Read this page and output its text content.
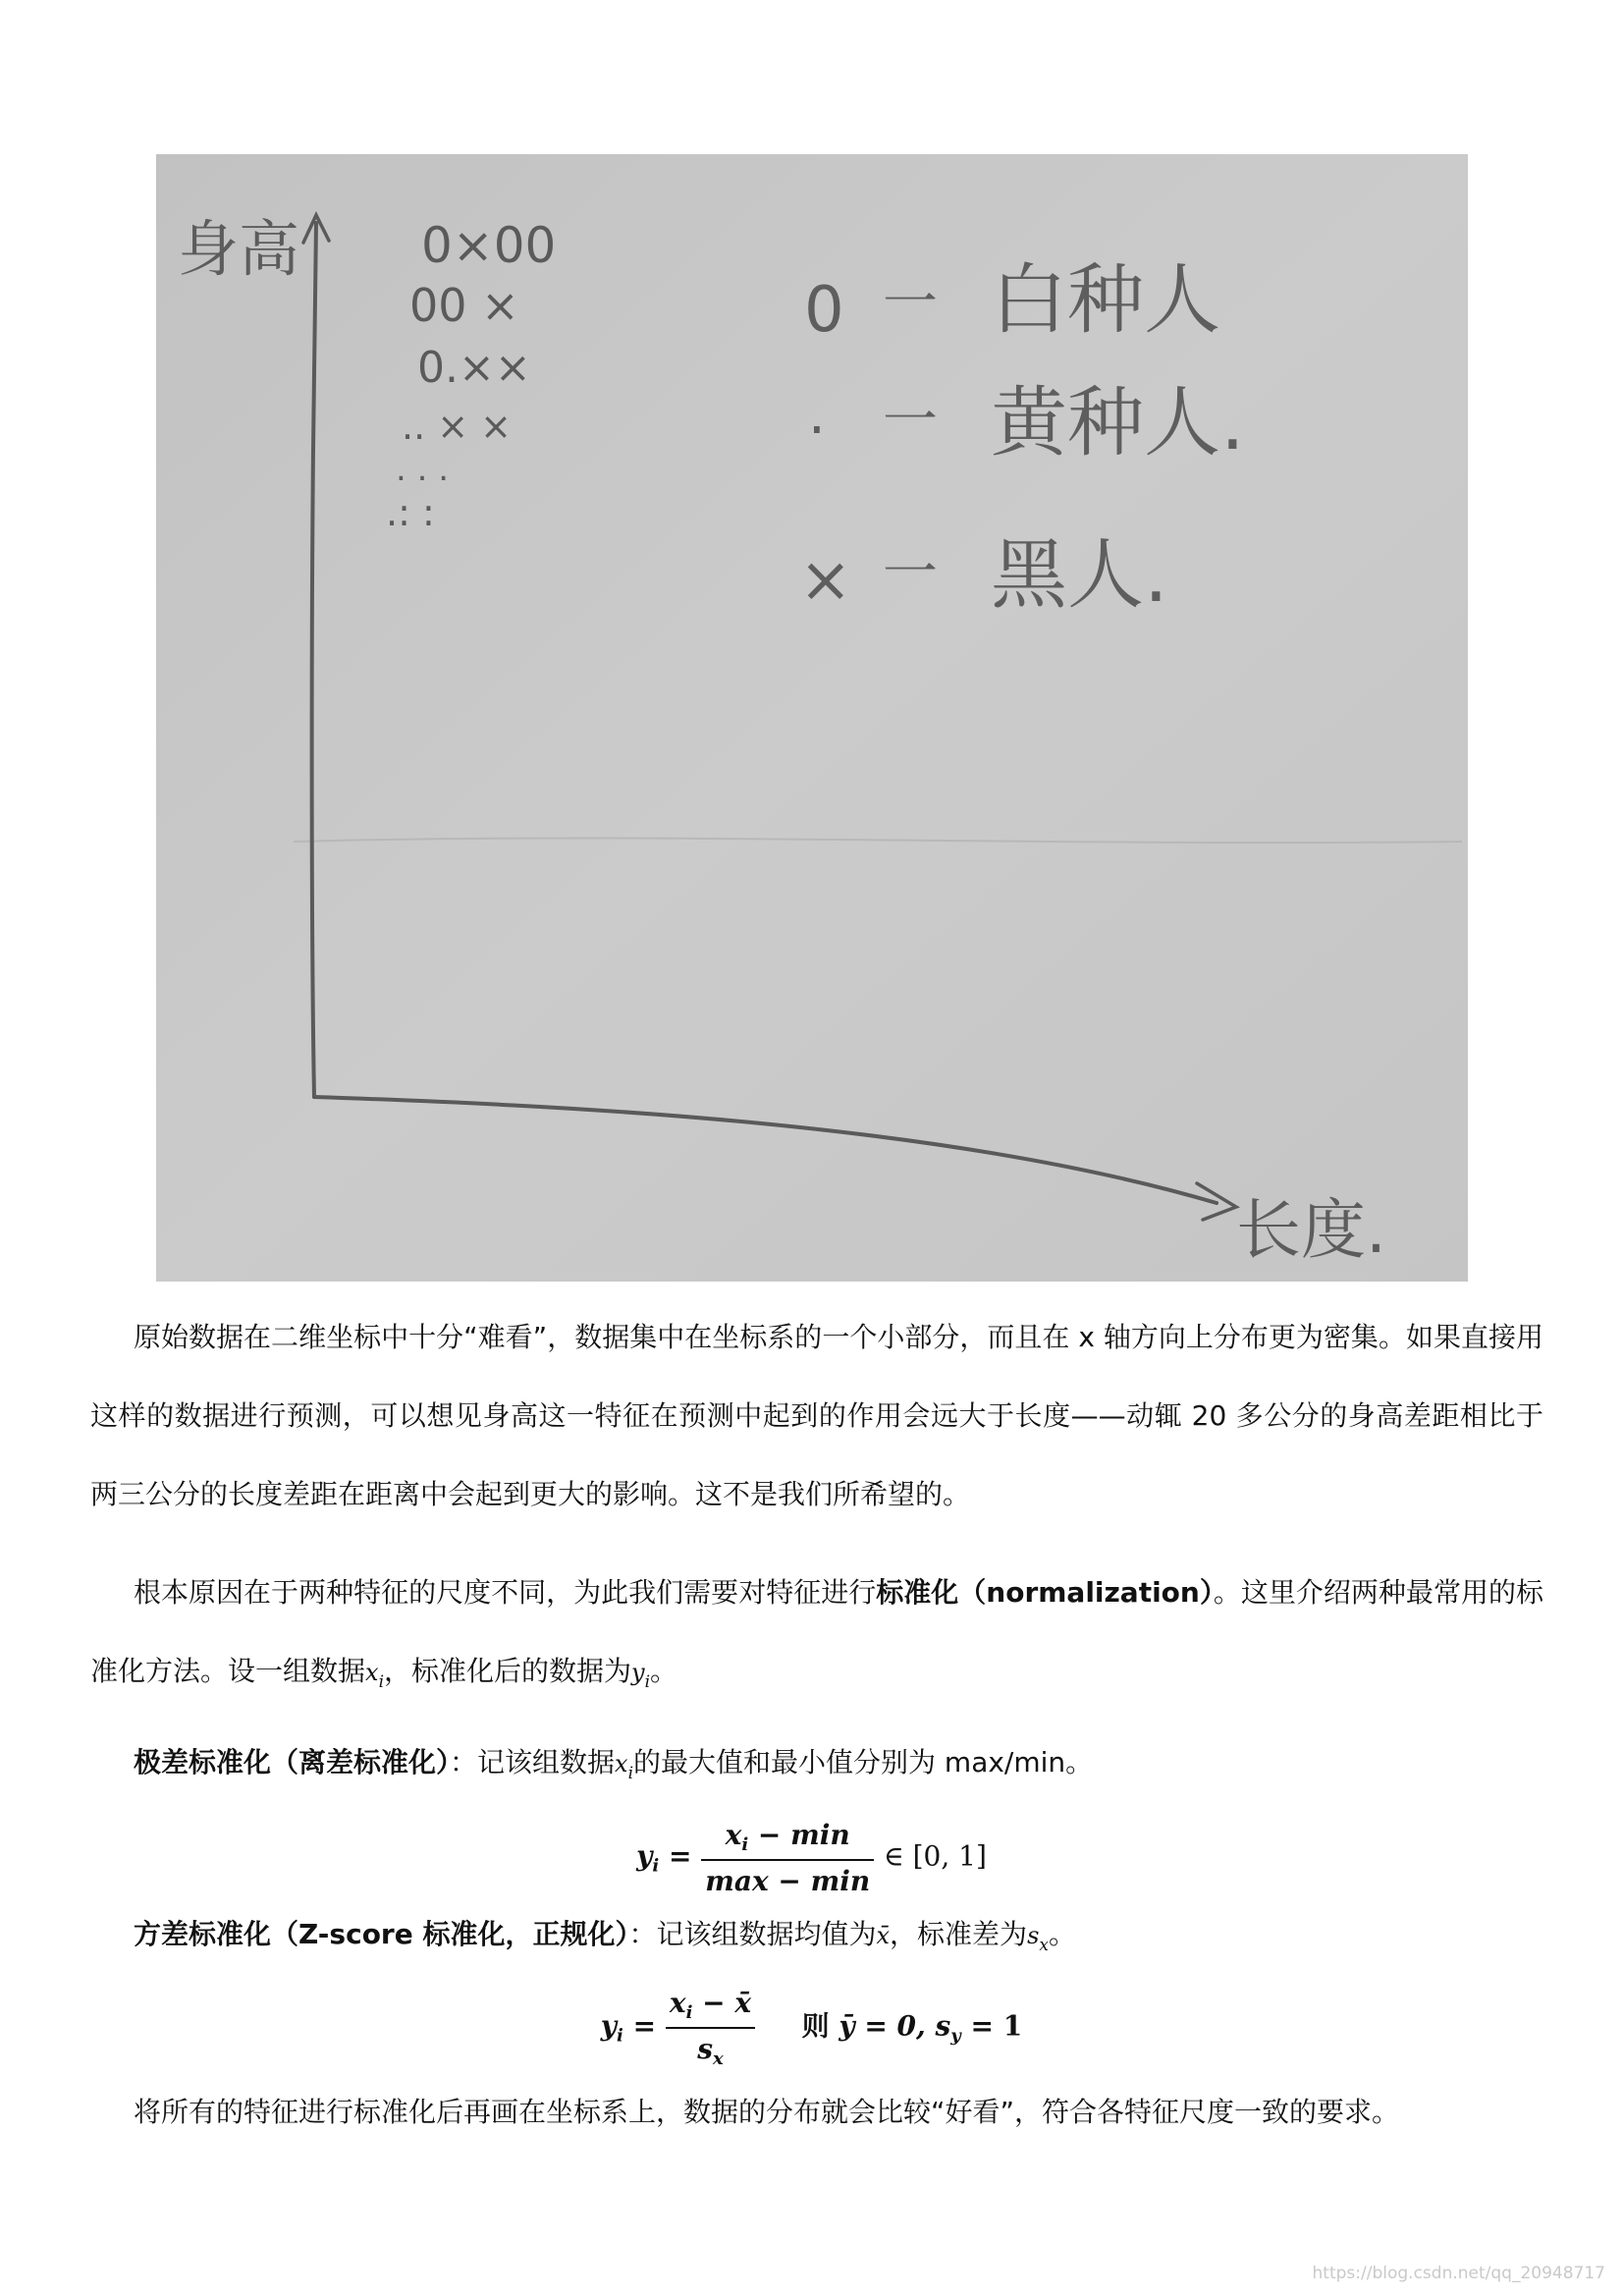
身高
长度.
0×00
00 ×
0.××
.. × ×
. . .
.: :
0 一 白种人
· 一 黄种人.
× 一 黑人.

原始数据在二维坐标中十分“难看”，数据集中在坐标系的一个小部分，而且在 x 轴方向上分布更为密集。如果直接用这样的数据进行预测，可以想见身高这一特征在预测中起到的作用会远大于长度——动辄 20 多公分的身高差距相比于两三公分的长度差距在距离中会起到更大的影响。这不是我们所希望的。

根本原因在于两种特征的尺度不同，为此我们需要对特征进行标准化（normalization）。这里介绍两种最常用的标准化方法。设一组数据$x_i$，标准化后的数据为$y_i$。

极差标准化（离差标准化）：记该组数据$x_i$的最大值和最小值分别为 max/min。

$y_i = \frac{x_i - \min}{\max - \min}$ ∈ [0, 1]

方差标准化（Z-score 标准化，正规化）：记该组数据均值为x̄，标准差为$s_x$。

$y_i = \frac{x_i - x̄}{s_x}$ 则 ȳ = 0, $s_y = 1$

将所有的特征进行标准化后再画在坐标系上，数据的分布就会比较“好看”，符合各特征尺度一致的要求。

https://blog.csdn.net/qq_20948717
